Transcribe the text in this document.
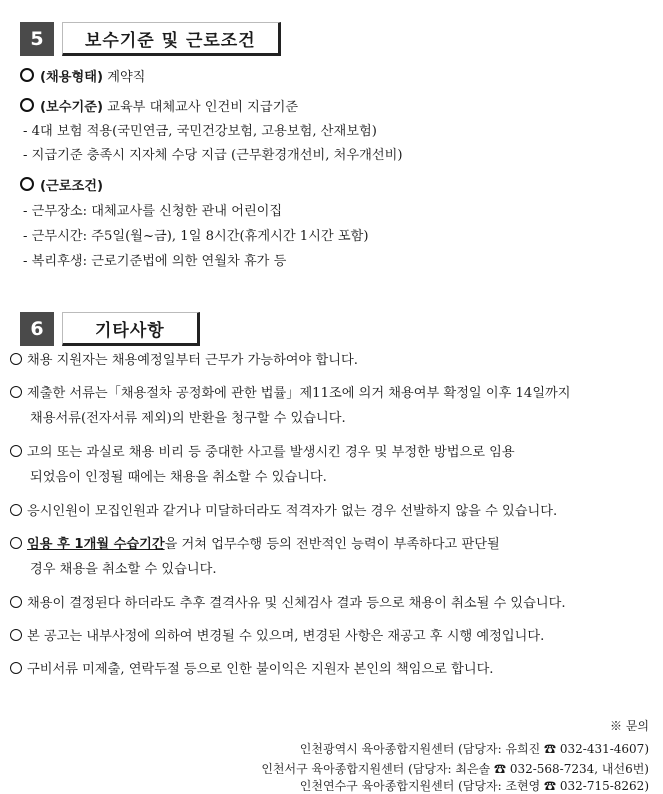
5	보수기준 및 근로조건
(채용형태) 계약직
(보수기준) 교육부 대체교사 인건비 지급기준
- 4대 보험 적용(국민연금, 국민건강보험, 고용보험, 산재보험)
- 지급기준 충족시 지자체 수당 지급 (근무환경개선비, 처우개선비)
(근로조건)
- 근무장소: 대체교사를 신청한 관내 어린이집
- 근무시간: 주5일(월~금), 1일 8시간(휴게시간 1시간 포함)
- 복리후생: 근로기준법에 의한 연월차 휴가 등
6	기타사항
채용 지원자는 채용예정일부터 근무가 가능하여야 합니다.
제출한 서류는「채용절차 공정화에 관한 법률」제11조에 의거 채용여부 확정일 이후 14일까지
채용서류(전자서류 제외)의 반환을 청구할 수 있습니다.
고의 또는 과실로 채용 비리 등 중대한 사고를 발생시킨 경우 및 부정한 방법으로 임용
되었음이 인정될 때에는 채용을 취소할 수 있습니다.
응시인원이 모집인원과 같거나 미달하더라도 적격자가 없는 경우 선발하지 않을 수 있습니다.
임용 후 1개월 수습기간을 거쳐 업무수행 등의 전반적인 능력이 부족하다고 판단될
경우 채용을 취소할 수 있습니다.
채용이 결정된다 하더라도 추후 결격사유 및 신체검사 결과 등으로 채용이 취소될 수 있습니다.
본 공고는 내부사정에 의하여 변경될 수 있으며, 변경된 사항은 재공고 후 시행 예정입니다.
구비서류 미제출, 연락두절 등으로 인한 불이익은 지원자 본인의 책임으로 합니다.
※ 문의
인천광역시 육아종합지원센터 (담당자: 유희진 ☎ 032-431-4607)
인천서구 육아종합지원센터 (담당자: 최은솔 ☎ 032-568-7234, 내선6번)
인천연수구 육아종합지원센터 (담당자: 조현영 ☎ 032-715-8262)
